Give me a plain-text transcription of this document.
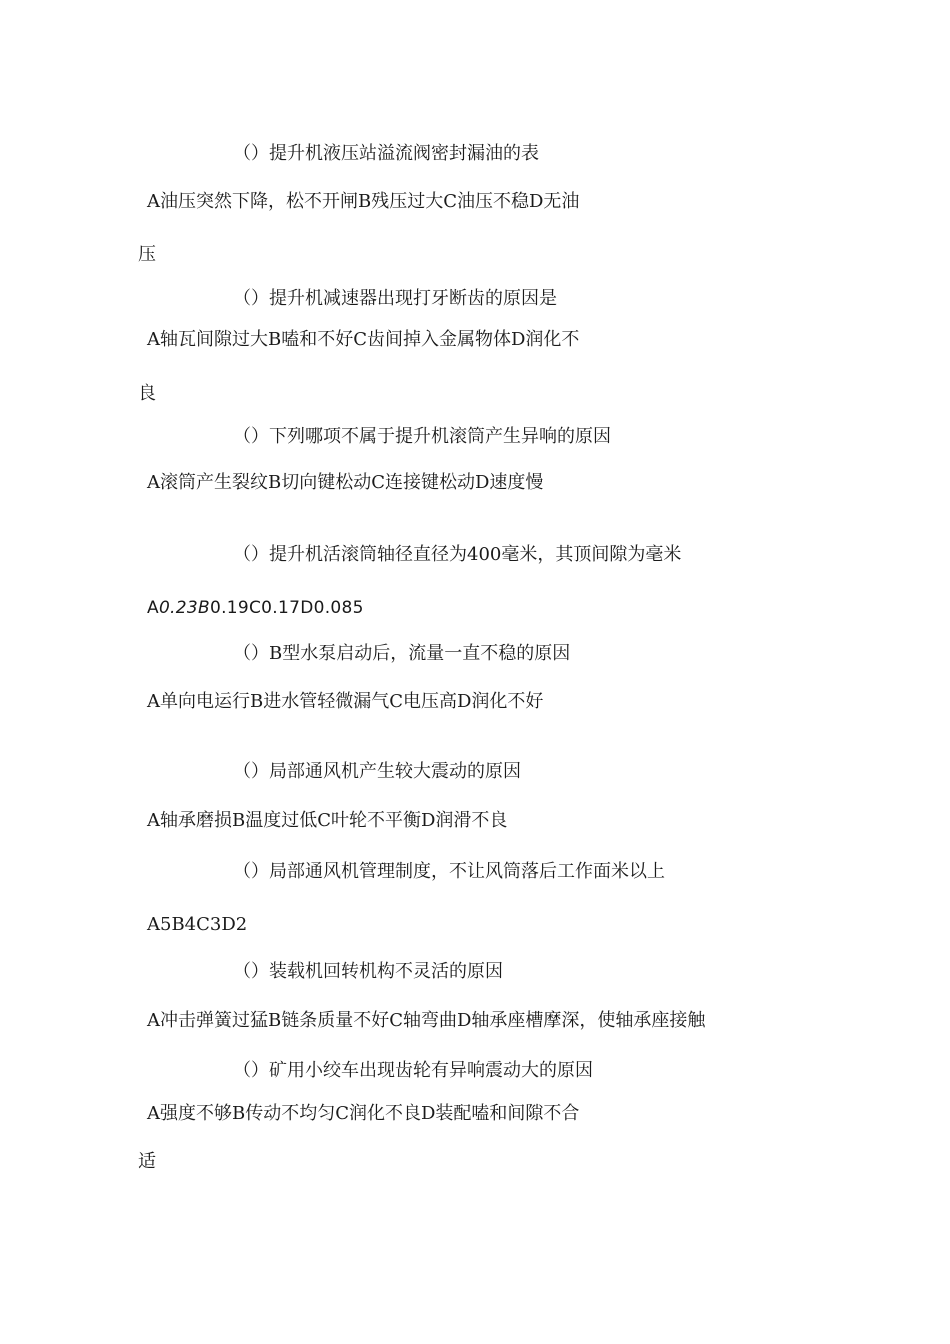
（）提升机液压站溢流阀密封漏油的表
A油压突然下降，松不开闸B残压过大C油压不稳D无油
压
（）提升机减速器出现打牙断齿的原因是
A轴瓦间隙过大B嗑和不好C齿间掉入金属物体D润化不
良
（）下列哪项不属于提升机滚筒产生异响的原因
A滚筒产生裂纹B切向键松动C连接键松动D速度慢
（）提升机活滚筒轴径直径为400毫米，其顶间隙为毫米
A0.23B0.19C0.17D0.085
（）B型水泵启动后，流量一直不稳的原因
A单向电运行B进水管轻微漏气C电压高D润化不好
（）局部通风机产生较大震动的原因
A轴承磨损B温度过低C叶轮不平衡D润滑不良
（）局部通风机管理制度，不让风筒落后工作面米以上
A5B4C3D2
（）装载机回转机构不灵活的原因
A冲击弹簧过猛B链条质量不好C轴弯曲D轴承座槽摩深，使轴承座接触
（）矿用小绞车出现齿轮有异响震动大的原因
A强度不够B传动不均匀C润化不良D装配嗑和间隙不合
适
